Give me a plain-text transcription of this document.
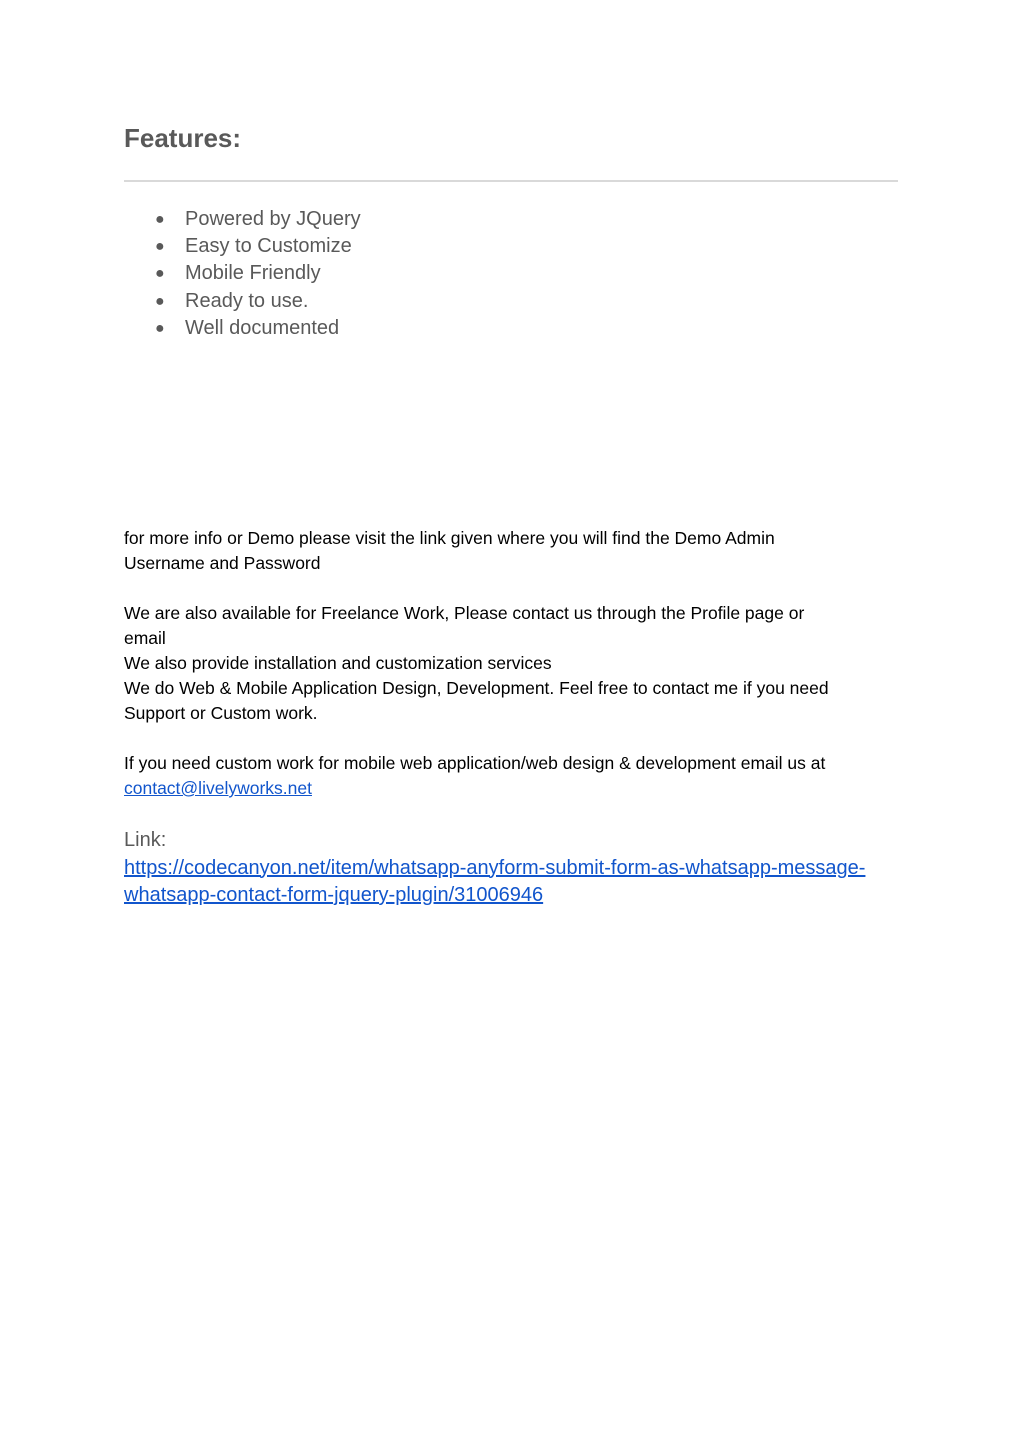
Features:
● Powered by JQuery
● Easy to Customize
● Mobile Friendly
● Ready to use.
● Well documented

for more info or Demo please visit the link given where you will find the Demo Admin
Username and Password

We are also available for Freelance Work, Please contact us through the Profile page or
email
We also provide installation and customization services
We do Web & Mobile Application Design, Development. Feel free to contact me if you need
Support or Custom work.

If you need custom work for mobile web application/web design & development email us at
contact@livelyworks.net

Link:
https://codecanyon.net/item/whatsapp-anyform-submit-form-as-whatsapp-message-
whatsapp-contact-form-jquery-plugin/31006946
